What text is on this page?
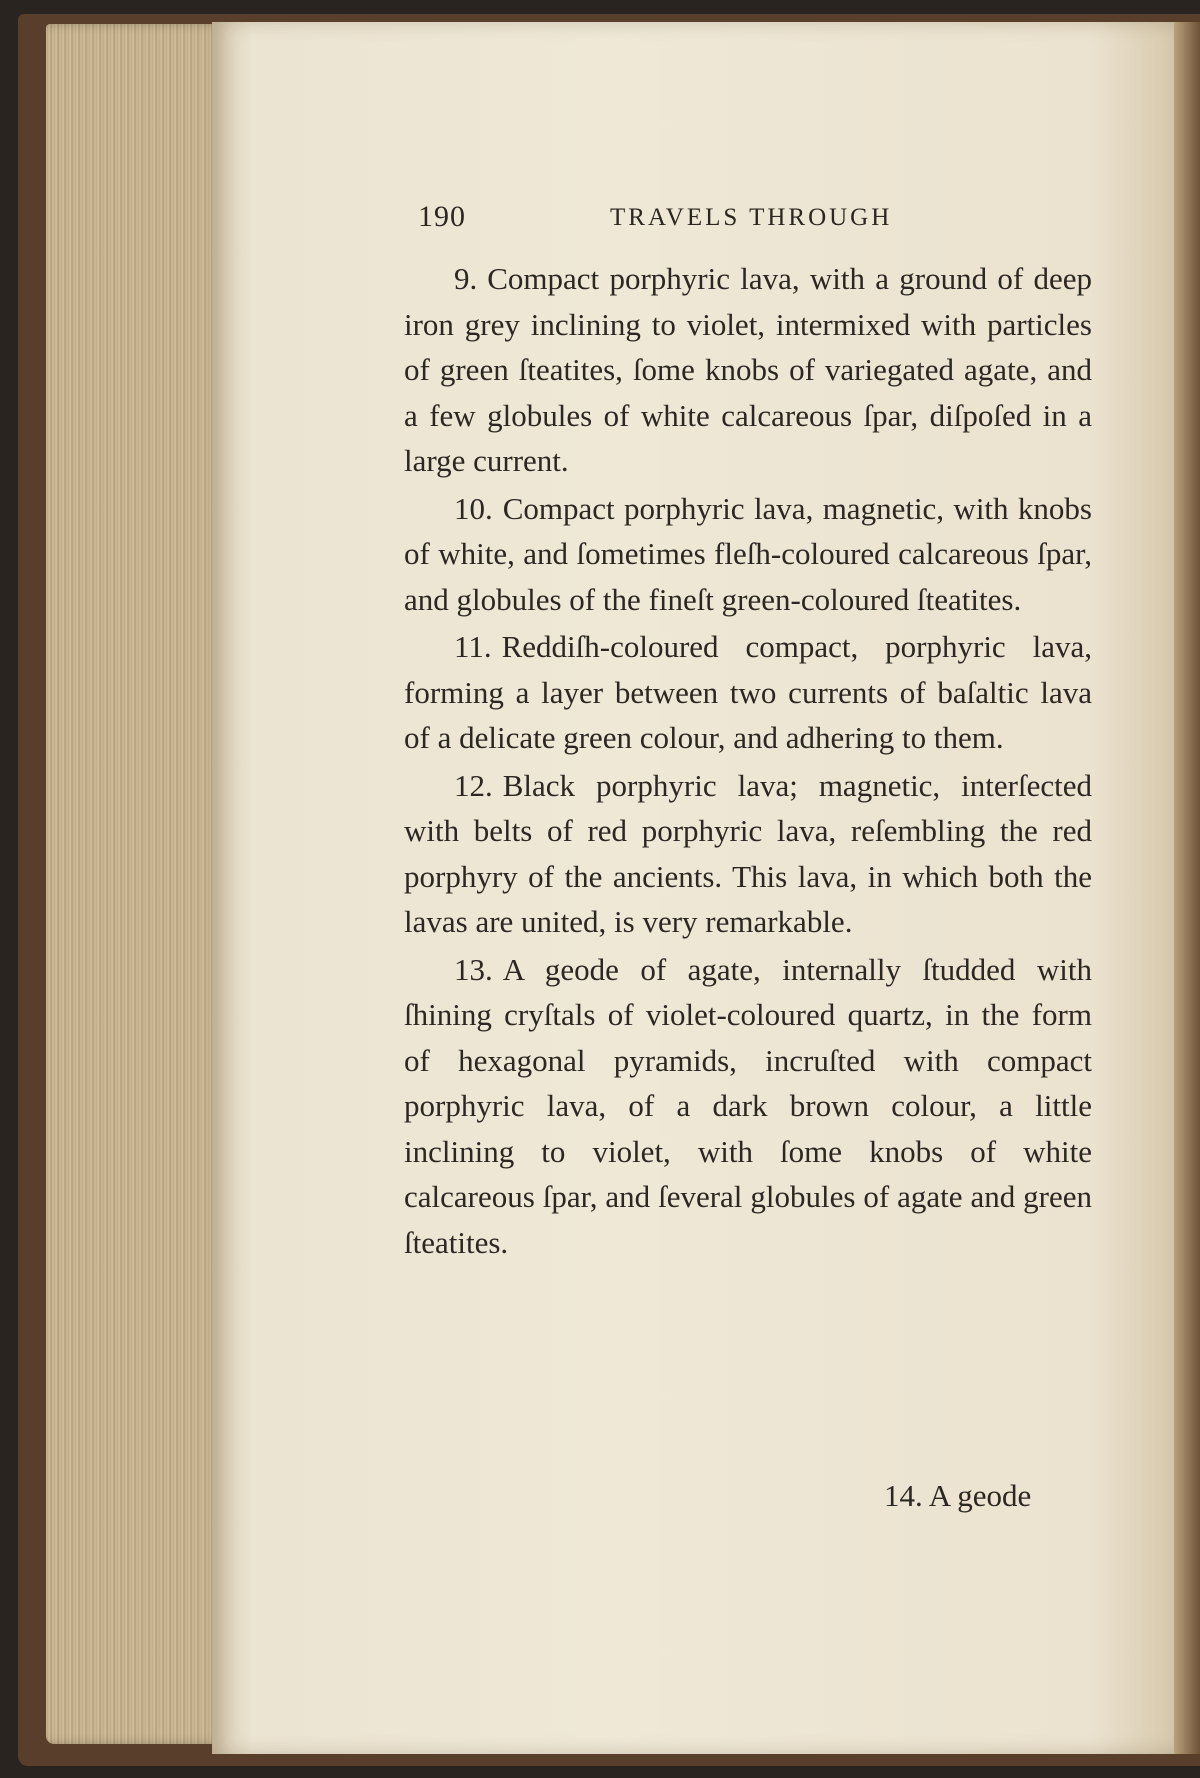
190	TRAVELS THROUGH

9. Compact porphyric lava, with a ground of deep iron grey inclining to violet, intermixed with particles of green ſteatites, ſome knobs of variegated agate, and a few globules of white calcareous ſpar, diſpoſed in a large current.

10. Compact porphyric lava, magnetic, with knobs of white, and ſometimes fleſh-coloured calcareous ſpar, and globules of the fineſt green-coloured ſteatites.

11. Reddiſh-coloured compact, porphyric lava, forming a layer between two currents of baſaltic lava of a delicate green colour, and adhering to them.

12. Black porphyric lava; magnetic, interſected with belts of red porphyric lava, reſembling the red porphyry of the ancients. This lava, in which both the lavas are united, is very remarkable.

13. A geode of agate, internally ſtudded with ſhining cryſtals of violet-coloured quartz, in the form of hexagonal pyramids, incruſted with compact porphyric lava, of a dark brown colour, a little inclining to violet, with ſome knobs of white calcareous ſpar, and ſeveral globules of agate and green ſteatites.

14. A geode
